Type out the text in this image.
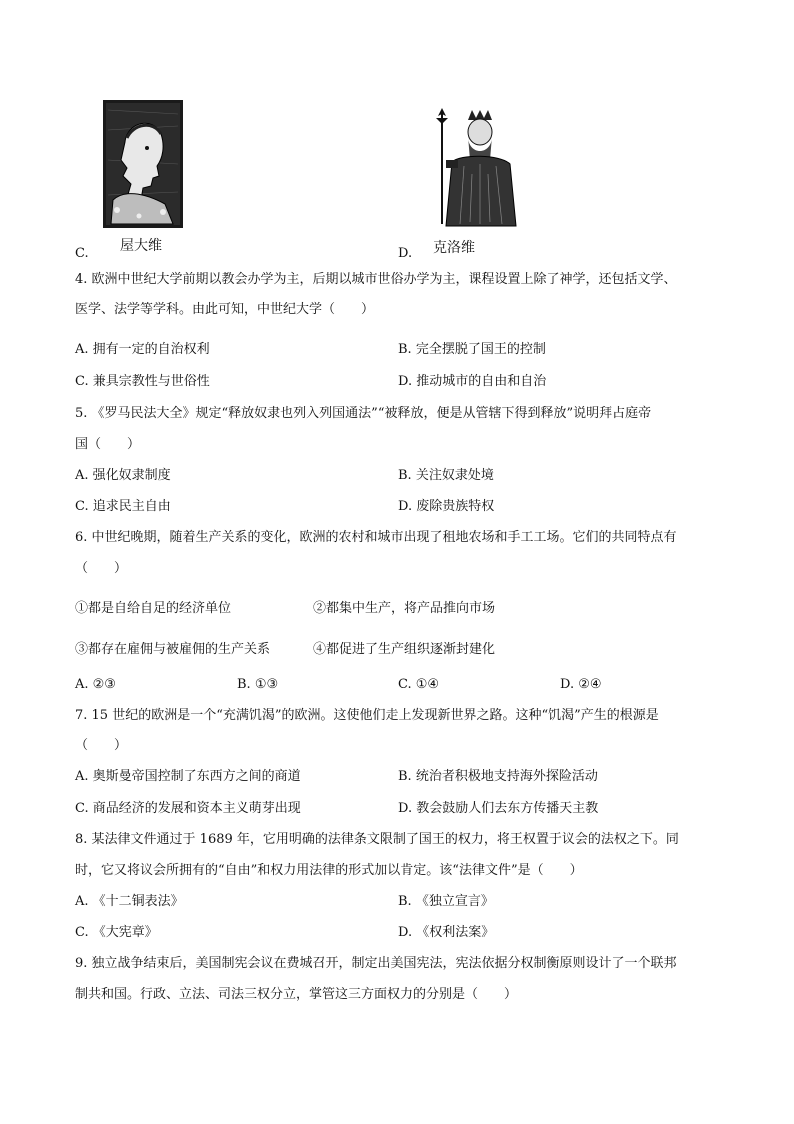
C. 屋大维	D. 克洛维
4. 欧洲中世纪大学前期以教会办学为主，后期以城市世俗办学为主，课程设置上除了神学，还包括文学、
医学、法学等学科。由此可知，中世纪大学（　　）
A. 拥有一定的自治权利	B. 完全摆脱了国王的控制
C. 兼具宗教性与世俗性	D. 推动城市的自由和自治
5. 《罗马民法大全》规定“释放奴隶也列入列国通法”“被释放，便是从管辖下得到释放”说明拜占庭帝
国（　　）
A. 强化奴隶制度	B. 关注奴隶处境
C. 追求民主自由	D. 废除贵族特权
6. 中世纪晚期，随着生产关系的变化，欧洲的农村和城市出现了租地农场和手工工场。它们的共同特点有
（　　）
①都是自给自足的经济单位	②都集中生产，将产品推向市场
③都存在雇佣与被雇佣的生产关系	④都促进了生产组织逐渐封建化
A. ②③	B. ①③	C. ①④	D. ②④
7. 15 世纪的欧洲是一个“充满饥渴”的欧洲。这使他们走上发现新世界之路。这种“饥渴”产生的根源是
（　　）
A. 奥斯曼帝国控制了东西方之间的商道	B. 统治者积极地支持海外探险活动
C. 商品经济的发展和资本主义萌芽出现	D. 教会鼓励人们去东方传播天主教
8. 某法律文件通过于 1689 年，它用明确的法律条文限制了国王的权力，将王权置于议会的法权之下。同
时，它又将议会所拥有的“自由”和权力用法律的形式加以肯定。该“法律文件”是（　　）
A. 《十二铜表法》	B. 《独立宣言》
C. 《大宪章》	D. 《权利法案》
9. 独立战争结束后，美国制宪会议在费城召开，制定出美国宪法，宪法依据分权制衡原则设计了一个联邦
制共和国。行政、立法、司法三权分立，掌管这三方面权力的分别是（　　）
